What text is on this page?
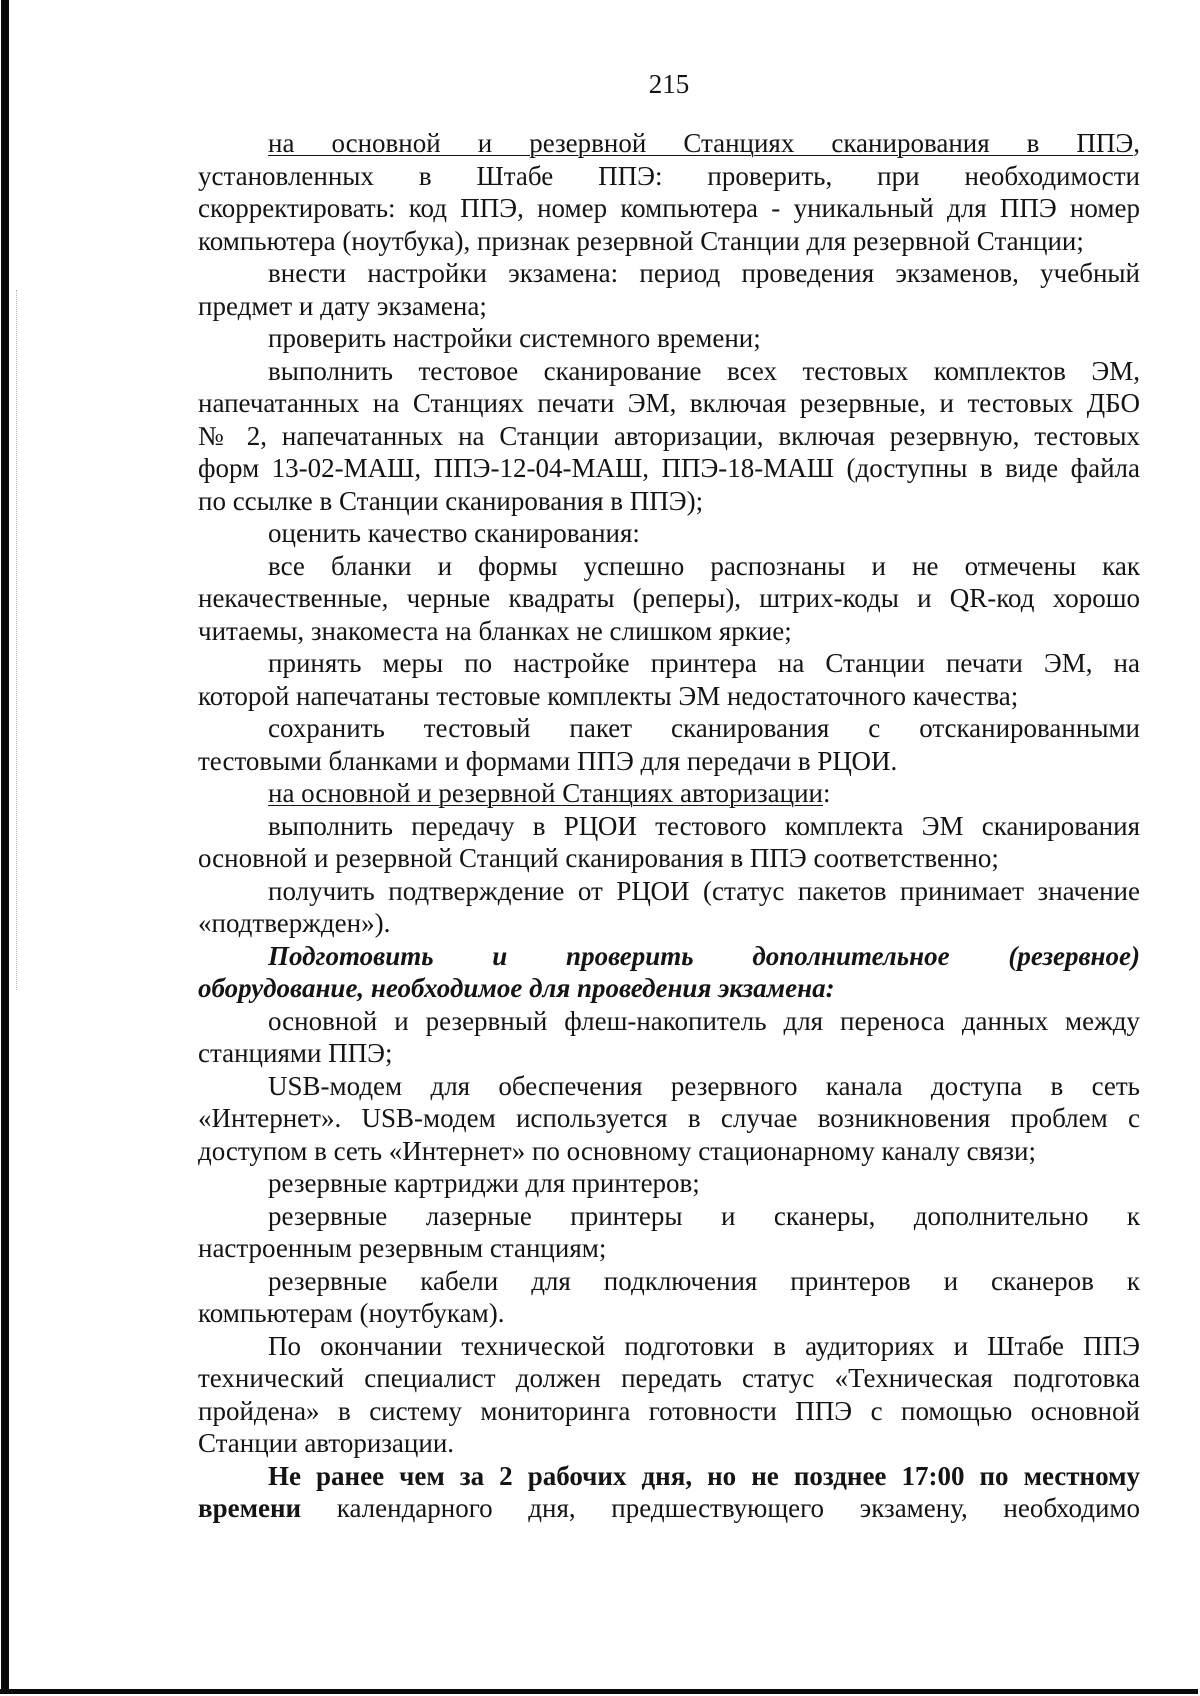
215
на основной и резервной Станциях сканирования в ППЭ,
установленных в Штабе ППЭ: проверить, при необходимости
скорректировать: код ППЭ, номер компьютера - уникальный для ППЭ номер
компьютера (ноутбука), признак резервной Станции для резервной Станции;
внести настройки экзамена: период проведения экзаменов, учебный
предмет и дату экзамена;
проверить настройки системного времени;
выполнить тестовое сканирование всех тестовых комплектов ЭМ,
напечатанных на Станциях печати ЭМ, включая резервные, и тестовых ДБО
№ 2, напечатанных на Станции авторизации, включая резервную, тестовых
форм 13-02-МАШ, ППЭ-12-04-МАШ, ППЭ-18-МАШ (доступны в виде файла
по ссылке в Станции сканирования в ППЭ);
оценить качество сканирования:
все бланки и формы успешно распознаны и не отмечены как
некачественные, черные квадраты (реперы), штрих-коды и QR-код хорошо
читаемы, знакоместа на бланках не слишком яркие;
принять меры по настройке принтера на Станции печати ЭМ, на
которой напечатаны тестовые комплекты ЭМ недостаточного качества;
сохранить тестовый пакет сканирования с отсканированными
тестовыми бланками и формами ППЭ для передачи в РЦОИ.
на основной и резервной Станциях авторизации:
выполнить передачу в РЦОИ тестового комплекта ЭМ сканирования
основной и резервной Станций сканирования в ППЭ соответственно;
получить подтверждение от РЦОИ (статус пакетов принимает значение
«подтвержден»).
Подготовить и проверить дополнительное (резервное)
оборудование, необходимое для проведения экзамена:
основной и резервный флеш-накопитель для переноса данных между
станциями ППЭ;
USB-модем для обеспечения резервного канала доступа в сеть
«Интернет». USB-модем используется в случае возникновения проблем с
доступом в сеть «Интернет» по основному стационарному каналу связи;
резервные картриджи для принтеров;
резервные лазерные принтеры и сканеры, дополнительно к
настроенным резервным станциям;
резервные кабели для подключения принтеров и сканеров к
компьютерам (ноутбукам).
По окончании технической подготовки в аудиториях и Штабе ППЭ
технический специалист должен передать статус «Техническая подготовка
пройдена» в систему мониторинга готовности ППЭ с помощью основной
Станции авторизации.
Не ранее чем за 2 рабочих дня, но не позднее 17:00 по местному
времени календарного дня, предшествующего экзамену, необходимо
